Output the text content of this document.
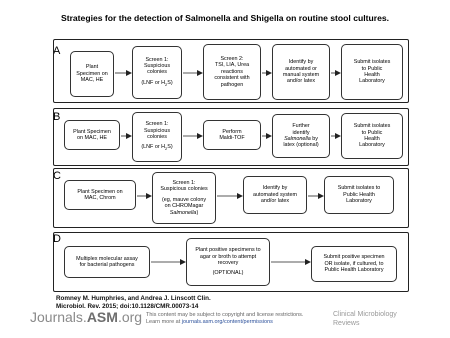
Strategies for the detection of Salmonella and Shigella on routine stool cultures.
A
Plant
Specimen on
MAC, HE
Screen 1:
Suspicious
colonies
(LNF or $H_2S$)
Screen 2:
TSI, LIA, Urea
reactions
consistent with
pathogen
Identify by
automated or
manual system
and/or latex
Submit isolates
to Public
Health
Laboratory
B
Plant Specimen
on MAC, HE
Screen 1:
Suspicious
colonies
(LNF or $H_2S$)
Perform
Maldi-TOF
Further
identify
Salmonella by
latex (optional)
Submit isolates
to Public
Health
Laboratory
C
Plant Specimen on
MAC, Chrom
Screen 1:
Suspicious colonies
(eg, mauve colony
on CHROMagar
Salmonella)
Identify by
automated system
and/or latex
Submit isolates to
Public Health
Laboratory
D
Multiplex molecular assay
for bacterial pathogens
Plant positive specimens to
agar or broth to attempt
recovery
(OPTIONAL)
Submit positive specimen
OR isolate, if cultured, to
Public Health Laboratory
Romney M. Humphries, and Andrea J. Linscott Clin.
Microbiol. Rev. 2015; doi:10.1128/CMR.00073-14
Journals.ASM.org This content may be subject to copyright and license restrictions.
Learn more at journals.asm.org/content/permissions
Clinical Microbiology
Reviews
